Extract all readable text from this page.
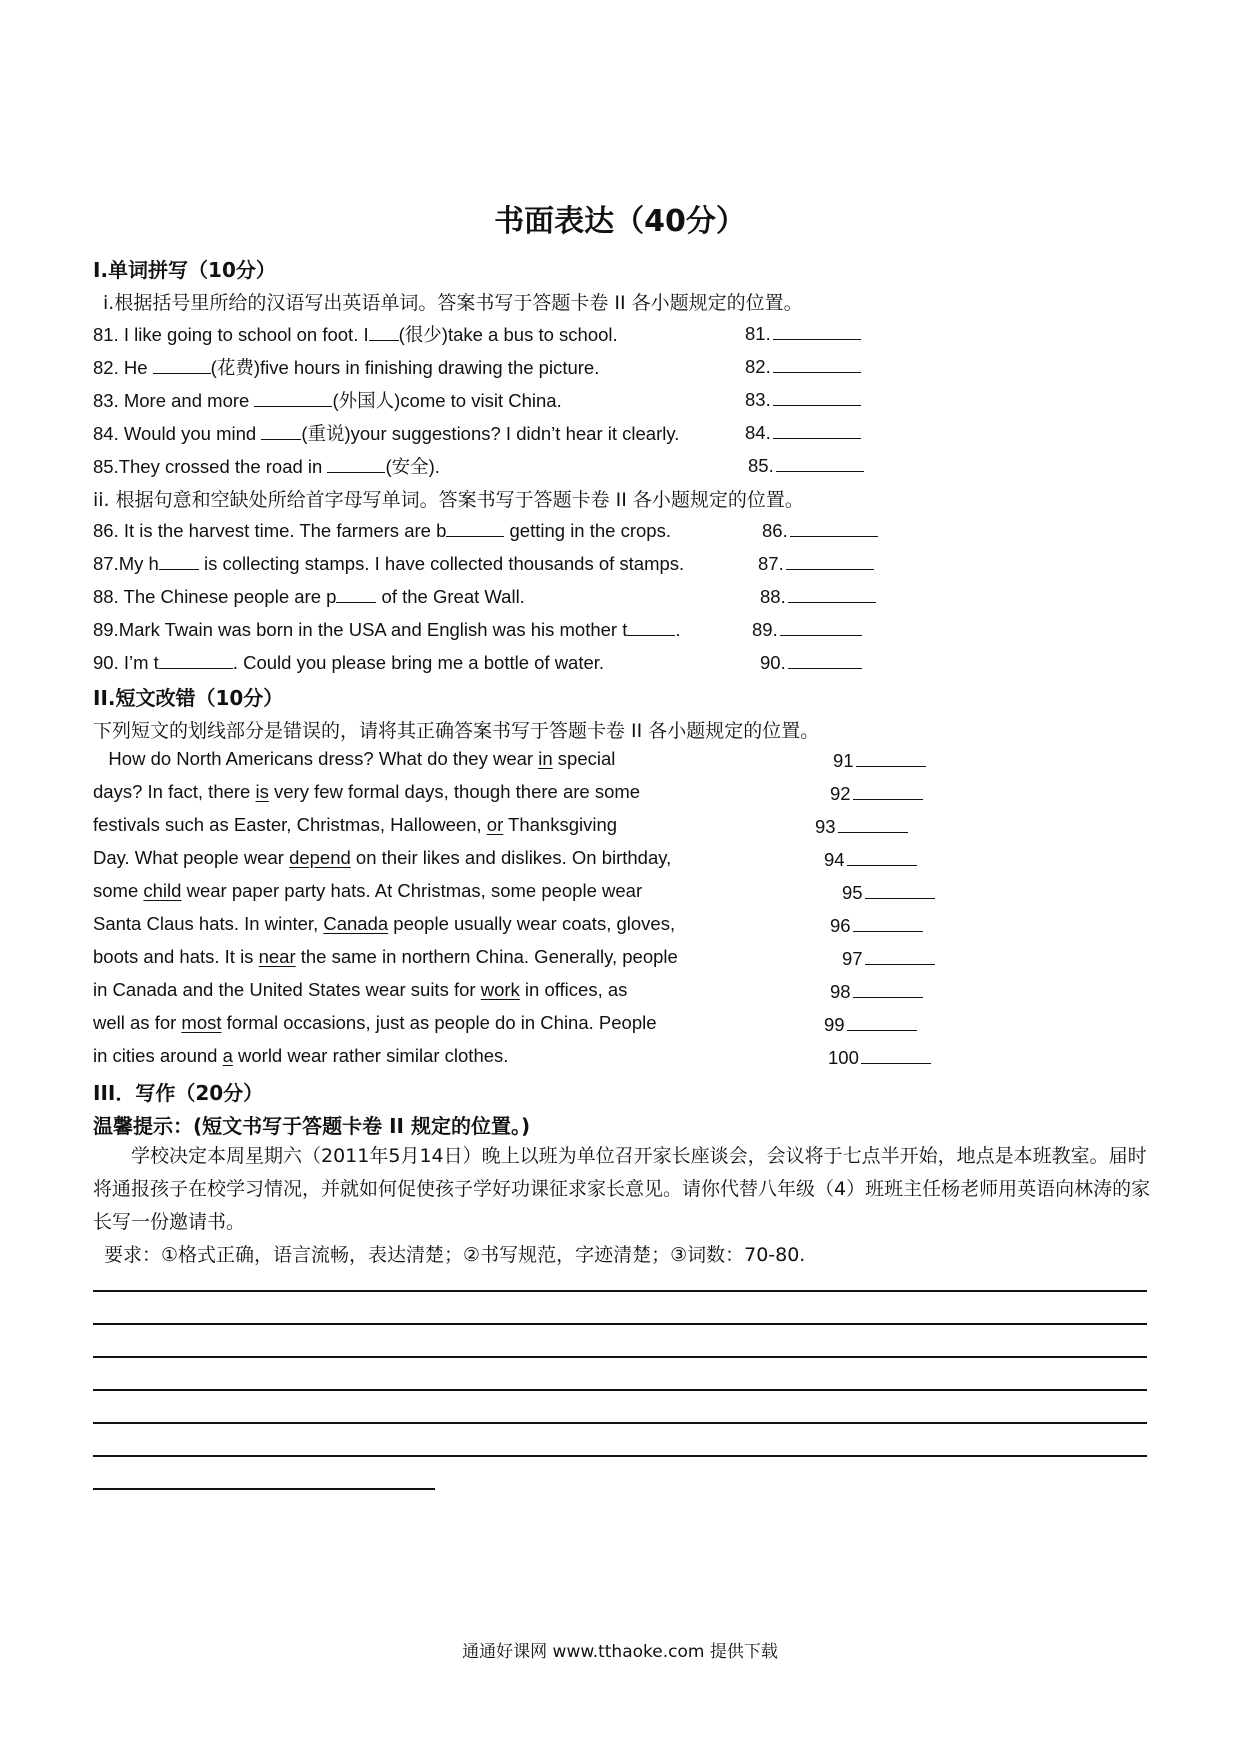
书面表达（40分）
I.单词拼写（10分）
i.根据括号里所给的汉语写出英语单词。答案书写于答题卡卷 II 各小题规定的位置。
81. I like going to school on foot. I (很少)take a bus to school.	81.
82. He	(花费)five hours in finishing drawing the picture.	82.
83. More and more	(外国人)come to visit China.	83.
84. Would you mind (重说)your suggestions? I didn’t hear it clearly.	84.
85.They crossed the road in	(安全).	85.
ii. 根据句意和空缺处所给首字母写单词。答案书写于答题卡卷 II 各小题规定的位置。
86. It is the harvest time. The farmers are b	getting in the crops.	86.
87.My h is collecting stamps. I have collected thousands of stamps.	87.
88. The Chinese people are p of the Great Wall.	88.
89.Mark Twain was born in the USA and English was his mother t	.	89.
90. I’m t	. Could you please bring me a bottle of water.	90.
II.短文改错（10分）
下列短文的划线部分是错误的，请将其正确答案书写于答题卡卷 II 各小题规定的位置。
How do North Americans dress? What do they wear in special	91
days? In fact, there is very few formal days, though there are some	92
festivals such as Easter, Christmas, Halloween, or Thanksgiving	93
Day. What people wear depend on their likes and dislikes. On birthday,	94
some child wear paper party hats. At Christmas, some people wear	95
Santa Claus hats. In winter, Canada people usually wear coats, gloves,	96
boots and hats. It is near the same in northern China. Generally, people	97
in Canada and the United States wear suits for work in offices, as	98
well as for most formal occasions, just as people do in China. People	99
in cities around a world wear rather similar clothes.	100
III．写作（20分）
温馨提示：(短文书写于答题卡卷 II 规定的位置。)
学校决定本周星期六（2011年5月14日）晚上以班为单位召开家长座谈会，会议将于七点半开始，地点是本班教室。届时将通报孩子在校学习情况，并就如何促使孩子学好功课征求家长意见。请你代替八年级（4）班班主任杨老师用英语向林涛的家长写一份邀请书。
要求：①格式正确，语言流畅，表达清楚；②书写规范，字迹清楚；③词数：70-80.
通通好课网 www.tthaoke.com 提供下载
